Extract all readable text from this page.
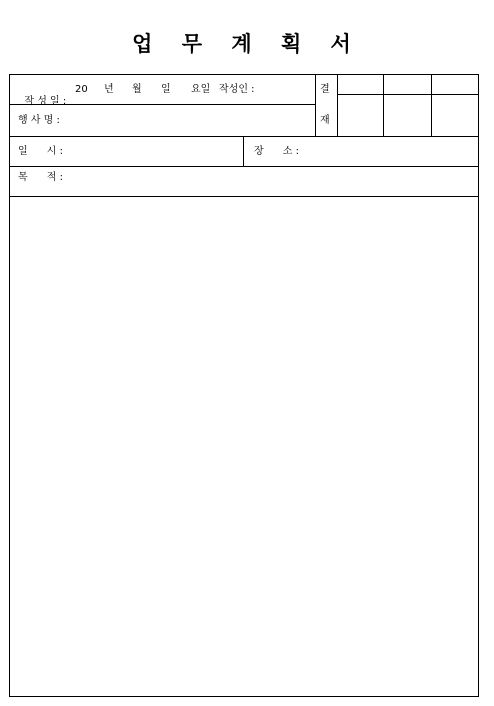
업 무 계 획 서

작 성 일 :

20 년 월 일 요일 작성인 :
행 사 명 :
결
재
일      시 :	장      소 :
목      적 :
